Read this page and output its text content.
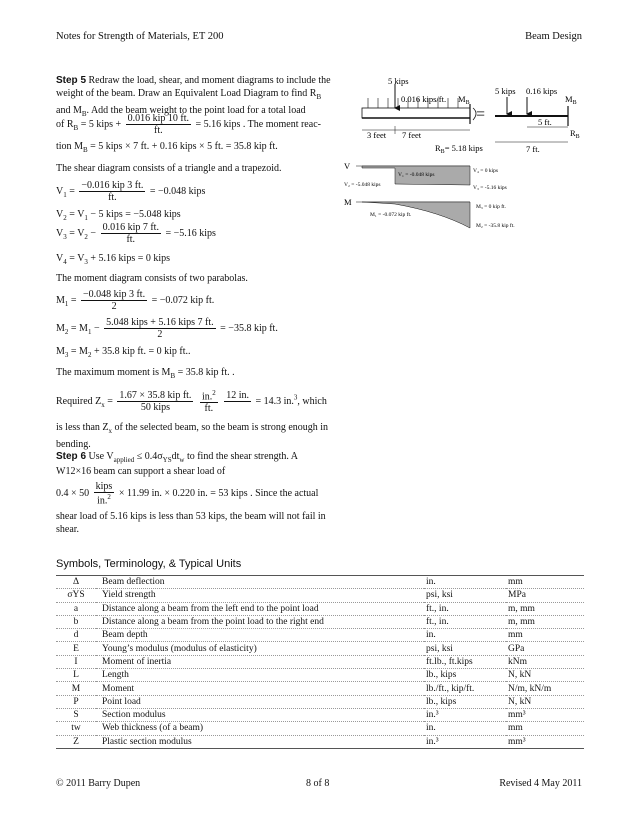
Notes for Strength of Materials, ET 200	Beam Design
Step 5 Redraw the load, shear, and moment diagrams to include the weight of the beam. Draw an Equivalent Load Diagram to find $R_B$ and $M_B$. Add the beam weight to the point load for a total load
of $R_B = 5$ kips + $\frac{\text{0.016 kip 10 ft.}}{ft.} = 5.16$ kips . The moment reac-
tion $M_B = 5$ kips × 7 ft. + 0.16 kips × 5 ft. = 35.8 kip ft.
The shear diagram consists of a triangle and a trapezoid.
$V_1 = \frac{\text{−0.016 kip 3 ft.}}{ft.} = -0.048$ kips
$V_2 = V_1 - 5$ kips = −5.048 kips
$V_3 = V_2 - \frac{\text{0.016 kip 7 ft.}}{ft.} = -5.16$ kips
$V_4 = V_3 + 5.16$ kips = 0 kips
The moment diagram consists of two parabolas.
$M_1 = \frac{\text{−0.048 kip 3 ft.}}{2} = -0.072$ kip ft.
$M_2 = M_1 - \frac{\text{5.048 kips + 5.16 kips 7 ft.}}{2} = -35.8$ kip ft.
$M_3 = M_2 + 35.8$ kip ft. = 0 kip ft..
The maximum moment is $M_B = 35.8$ kip ft. .
Required $Z_x = \frac{\text{1.67 × 35.8 kip ft.}}{\text{50 kips}}$
$\frac{in.^2}{ft.}$
12 in.

= 14.3 in.$^3$, which
is less than $Z_x$ of the selected beam, so the beam is strong enough in bending.
Step 6 Use $V_{applied} \le 0.4\sigma_{YS}dt_w$ to find the shear strength. A
W12×16 beam can support a shear load of
$0.4 \times 50 \frac{\text{kips}}{in.^2} \times 11.99$ in. × 0.220 in. = 53 kips . Since the actual
shear load of 5.16 kips is less than 53 kips, the beam will not fail in shear.
5 kips
0.016 kips/ft. $M_B$
3 feet 7 feet
$R_B= 5.18$ kips
=
5 kips 0.16 kips
$M_B$
5 ft.
$R_B$
7 ft.
V
V₁ = -0.048 kips
V₂ = -5.048 kips	V₃ = -5.16 kips
V₄ = 0 kips
M
M₁ = -0.072 kip ft.
M₂ = -35.8 kip ft.
M₃ = 0 kip ft.
Symbols, Terminology, & Typical Units
Δ	Beam deflection	in.	mm
σYS	Yield strength	psi, ksi	MPa
a	Distance along a beam from the left end to the point load	ft., in.	m, mm
b	Distance along a beam from the point load to the right end	ft., in.	m, mm
d	Beam depth	in.	mm
E	Young’s modulus (modulus of elasticity)	psi, ksi	GPa
I	Moment of inertia	ft.lb., ft.kips	kNm
L	Length	lb., kips	N, kN
M	Moment	lb./ft., kip/ft.	N/m, kN/m
P	Point load	lb., kips	N, kN
S	Section modulus	in.³	mm³
tw	Web thickness (of a beam)	in.	mm
Z	Plastic section modulus	in.³	mm³
© 2011 Barry Dupen	8 of 8	Revised 4 May 2011
